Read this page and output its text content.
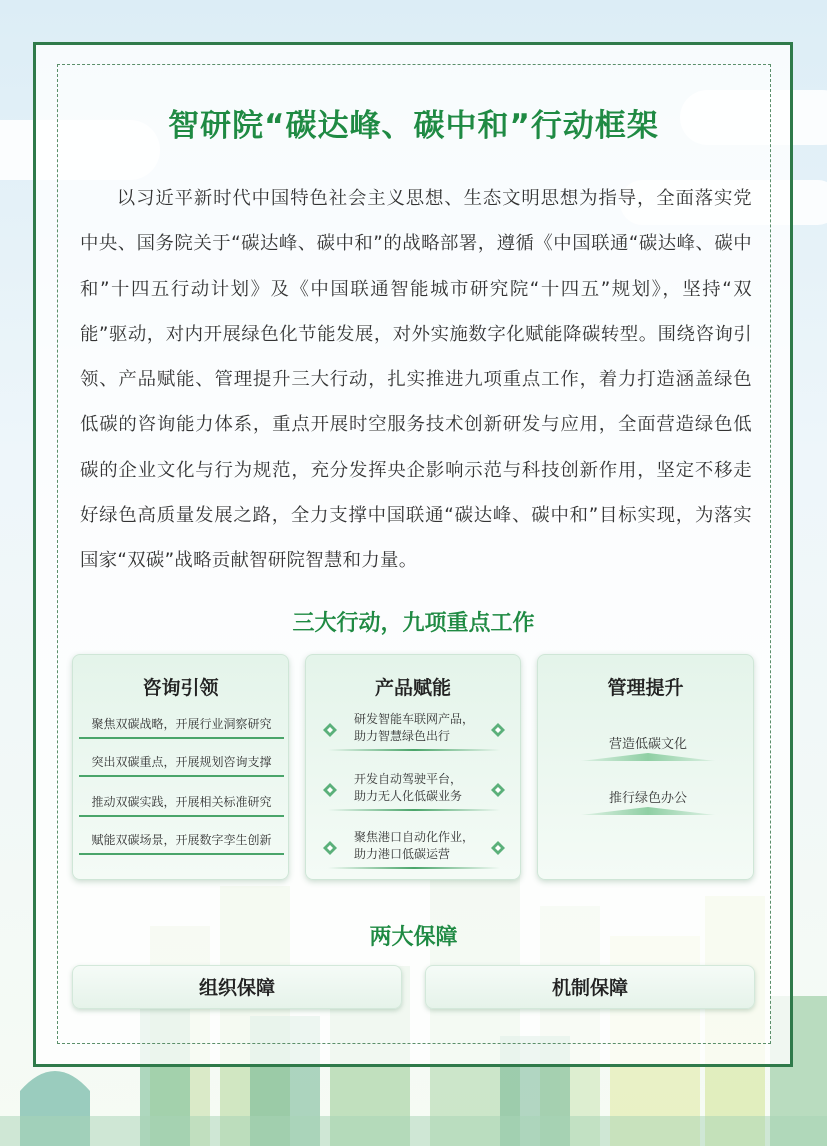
智研院“碳达峰、碳中和”行动框架

以习近平新时代中国特色社会主义思想、生态文明思想为指导，全面落实党中央、国务院关于“碳达峰、碳中和”的战略部署，遵循《中国联通“碳达峰、碳中和”十四五行动计划》及《中国联通智能城市研究院“十四五”规划》，坚持“双能”驱动，对内开展绿色化节能发展，对外实施数字化赋能降碳转型。围绕咨询引领、产品赋能、管理提升三大行动，扎实推进九项重点工作，着力打造涵盖绿色低碳的咨询能力体系，重点开展时空服务技术创新研发与应用，全面营造绿色低碳的企业文化与行为规范，充分发挥央企影响示范与科技创新作用，坚定不移走好绿色高质量发展之路，全力支撑中国联通“碳达峰、碳中和”目标实现，为落实国家“双碳”战略贡献智研院智慧和力量。

三大行动，九项重点工作
咨询引领
聚焦双碳战略，开展行业洞察研究
突出双碳重点，开展规划咨询支撑
推动双碳实践，开展相关标准研究
赋能双碳场景，开展数字孪生创新
产品赋能
研发智能车联网产品，
助力智慧绿色出行
开发自动驾驶平台，
助力无人化低碳业务
聚焦港口自动化作业，
助力港口低碳运营
管理提升
营造低碳文化
推行绿色办公
两大保障
组织保障	机制保障
